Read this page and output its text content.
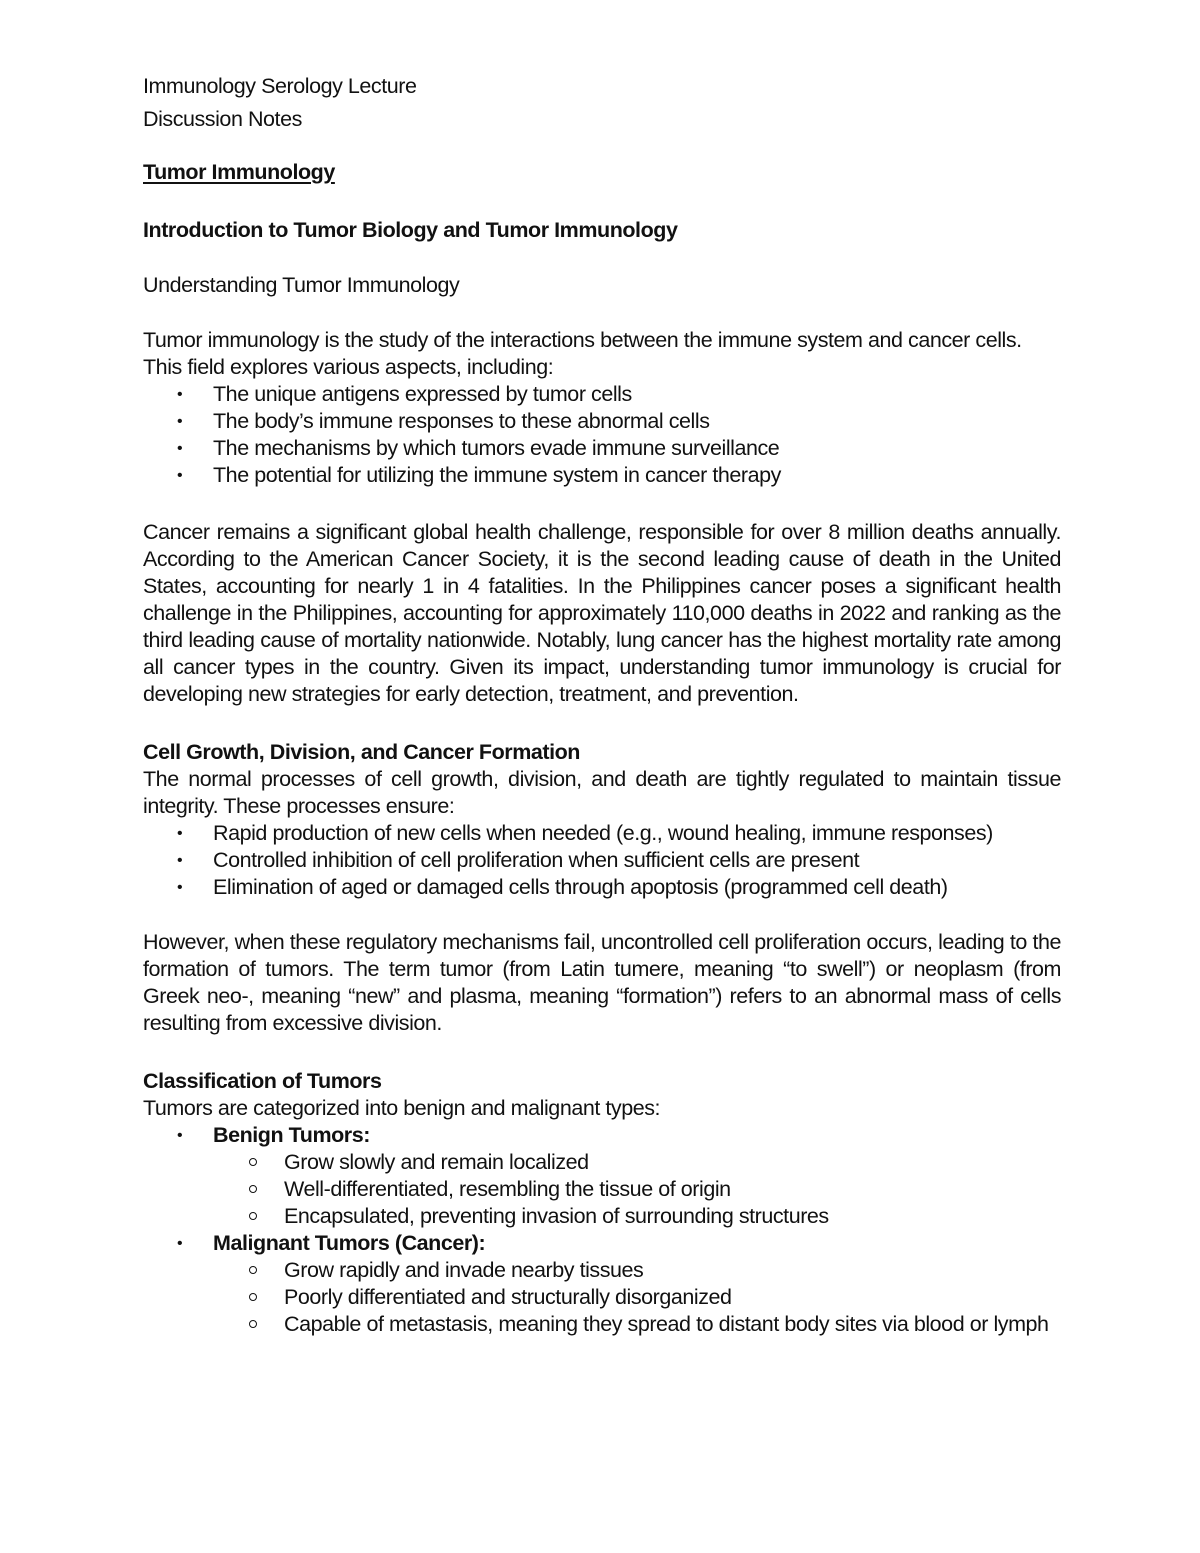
Immunology Serology Lecture

Discussion Notes

Tumor Immunology

Introduction to Tumor Biology and Tumor Immunology

Understanding Tumor Immunology

Tumor immunology is the study of the interactions between the immune system and cancer cells. This field explores various aspects, including:

• The unique antigens expressed by tumor cells
• The body’s immune responses to these abnormal cells
• The mechanisms by which tumors evade immune surveillance
• The potential for utilizing the immune system in cancer therapy

Cancer remains a significant global health challenge, responsible for over 8 million deaths annually. According to the American Cancer Society, it is the second leading cause of death in the United States, accounting for nearly 1 in 4 fatalities. In the Philippines cancer poses a significant health challenge in the Philippines, accounting for approximately 110,000 deaths in 2022 and ranking as the third leading cause of mortality nationwide. Notably, lung cancer has the highest mortality rate among all cancer types in the country. Given its impact, understanding tumor immunology is crucial for developing new strategies for early detection, treatment, and prevention.

Cell Growth, Division, and Cancer Formation

The normal processes of cell growth, division, and death are tightly regulated to maintain tissue integrity. These processes ensure:

• Rapid production of new cells when needed (e.g., wound healing, immune responses)
• Controlled inhibition of cell proliferation when sufficient cells are present
• Elimination of aged or damaged cells through apoptosis (programmed cell death)

However, when these regulatory mechanisms fail, uncontrolled cell proliferation occurs, leading to the formation of tumors. The term tumor (from Latin tumere, meaning “to swell”) or neoplasm (from Greek neo-, meaning “new” and plasma, meaning “formation”) refers to an abnormal mass of cells resulting from excessive division.

Classification of Tumors

Tumors are categorized into benign and malignant types:

• Benign Tumors:
Grow slowly and remain localized
Well-differentiated, resembling the tissue of origin
Encapsulated, preventing invasion of surrounding structures
• Malignant Tumors (Cancer):
Grow rapidly and invade nearby tissues
Poorly differentiated and structurally disorganized
Capable of metastasis, meaning they spread to distant body sites via blood or lymph
